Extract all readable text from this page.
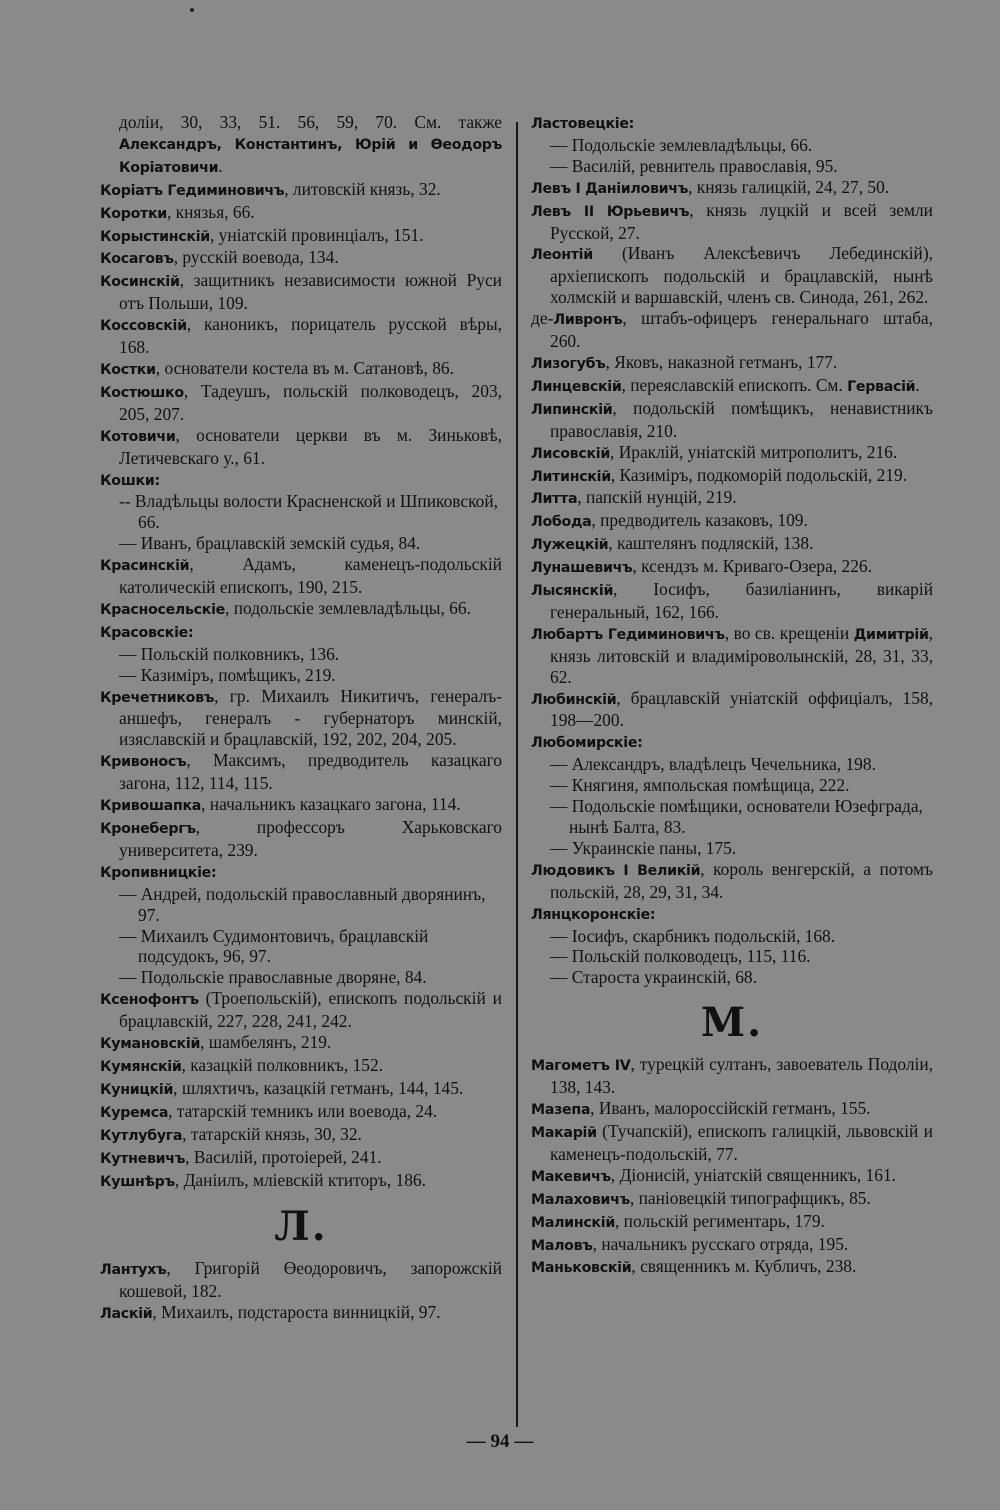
доліи, 30, 33, 51. 56, 59, 70. См. также Александръ, Константинъ, Юрій и Өеодоръ Коріатовичи.
Коріатъ Гедиминовичъ, литовскій князь, 32.
Коротки, князья, 66.
Корыстинскій, уніатскій провинціалъ, 151.
Косаговъ, русскій воевода, 134.
Косинскій, защитникъ независимости южной Руси отъ Польши, 109.
Коссовскій, каноникъ, порицатель русской вѣры, 168.
Костки, основатели костела въ м. Сатановѣ, 86.
Костюшко, Тадеушъ, польскій полководецъ, 203, 205, 207.
Котовичи, основатели церкви въ м. Зиньковѣ, Летичевскаго у., 61.
Кошки:
-- Владѣльцы волости Красненской и Шпиковской, 66.
— Иванъ, брацлавскій земскій судья, 84.
Красинскій, Адамъ, каменецъ-подольскій католическій епископъ, 190, 215.
Красносельскіе, подольскіе землевладѣльцы, 66.
Красовскіе:
— Польскій полковникъ, 136.
— Казиміръ, помѣщикъ, 219.
Кречетниковъ, гр. Михаилъ Никитичъ, генералъ-аншефъ, генералъ - губернаторъ минскій, изяславскій и брацлавскій, 192, 202, 204, 205.
Кривоносъ, Максимъ, предводитель казацкаго загона, 112, 114, 115.
Кривошапка, начальникъ казацкаго загона, 114.
Кронебергъ, профессоръ Харьковскаго университета, 239.
Кропивницкіе:
— Андрей, подольскій православный дворянинъ, 97.
— Михаилъ Судимонтовичъ, брацлавскій подсудокъ, 96, 97.
— Подольскіе православные дворяне, 84.
Ксенофонтъ (Троепольскій), епископъ подольскій и брацлавскій, 227, 228, 241, 242.
Кумановскій, шамбелянъ, 219.
Кумянскій, казацкій полковникъ, 152.
Куницкій, шляхтичъ, казацкій гетманъ, 144, 145.
Куремса, татарскій темникъ или воевода, 24.
Кутлубуга, татарскій князь, 30, 32.
Кутневичъ, Василій, протоіерей, 241.
Кушнѣръ, Даніилъ, мліевскій ктиторъ, 186.
Л.
Лантухъ, Григорій Өеодоровичъ, запорожскій кошевой, 182.
Ласкій, Михаилъ, подстароста винницкій, 97.
Ластовецкіе:
— Подольскіе землевладѣльцы, 66.
— Василій, ревнитель православія, 95.
Левъ I Даніиловичъ, князь галицкій, 24, 27, 50.
Левъ II Юрьевичъ, князь луцкій и всей земли Русской, 27.
Леонтій (Иванъ Алексѣевичъ Лебединскій), архіепископъ подольскій и брацлавскій, нынѣ холмскій и варшавскій, членъ св. Синода, 261, 262.
де-Ливронъ, штабъ-офицеръ генеральнаго штаба, 260.
Лизогубъ, Яковъ, наказной гетманъ, 177.
Линцевскій, переяславскій епископъ. См. Гервасій.
Липинскій, подольскій помѣщикъ, ненавистникъ православія, 210.
Лисовскій, Ираклій, уніатскій митрополитъ, 216.
Литинскій, Казиміръ, подкоморій подольскій, 219.
Литта, папскій нунцій, 219.
Лобода, предводитель казаковъ, 109.
Лужецкій, каштелянъ подляскій, 138.
Лунашевичъ, ксендзъ м. Криваго-Озера, 226.
Лысянскій, Іосифъ, базиліанинъ, викарій генеральный, 162, 166.
Любартъ Гедиминовичъ, во св. крещеніи Димитрій, князь литовскій и владиміроволынскій, 28, 31, 33, 62.
Любинскій, брацлавскій уніатскій оффиціалъ, 158, 198—200.
Любомирскіе:
— Александръ, владѣлецъ Чечельника, 198.
— Княгиня, ямпольская помѣщица, 222.
— Подольскіе помѣщики, основатели Юзефграда, нынѣ Балта, 83.
— Украинскіе паны, 175.
Людовикъ I Великій, король венгерскій, а потомъ польскій, 28, 29, 31, 34.
Лянцкоронскіе:
— Іосифъ, скарбникъ подольскій, 168.
— Польскій полководецъ, 115, 116.
— Староста украинскій, 68.
М.
Магометъ IV, турецкій султанъ, завоеватель Подоліи, 138, 143.
Мазепа, Иванъ, малороссійскій гетманъ, 155.
Макарій (Тучапскій), епископъ галицкій, львовскій и каменецъ-подольскій, 77.
Макевичъ, Діонисій, уніатскій священникъ, 161.
Малаховичъ, паніовецкій типографщикъ, 85.
Малинскій, польскій региментарь, 179.
Маловъ, начальникъ русскаго отряда, 195.
Маньковскій, священникъ м. Кубличъ, 238.
— 94 —
